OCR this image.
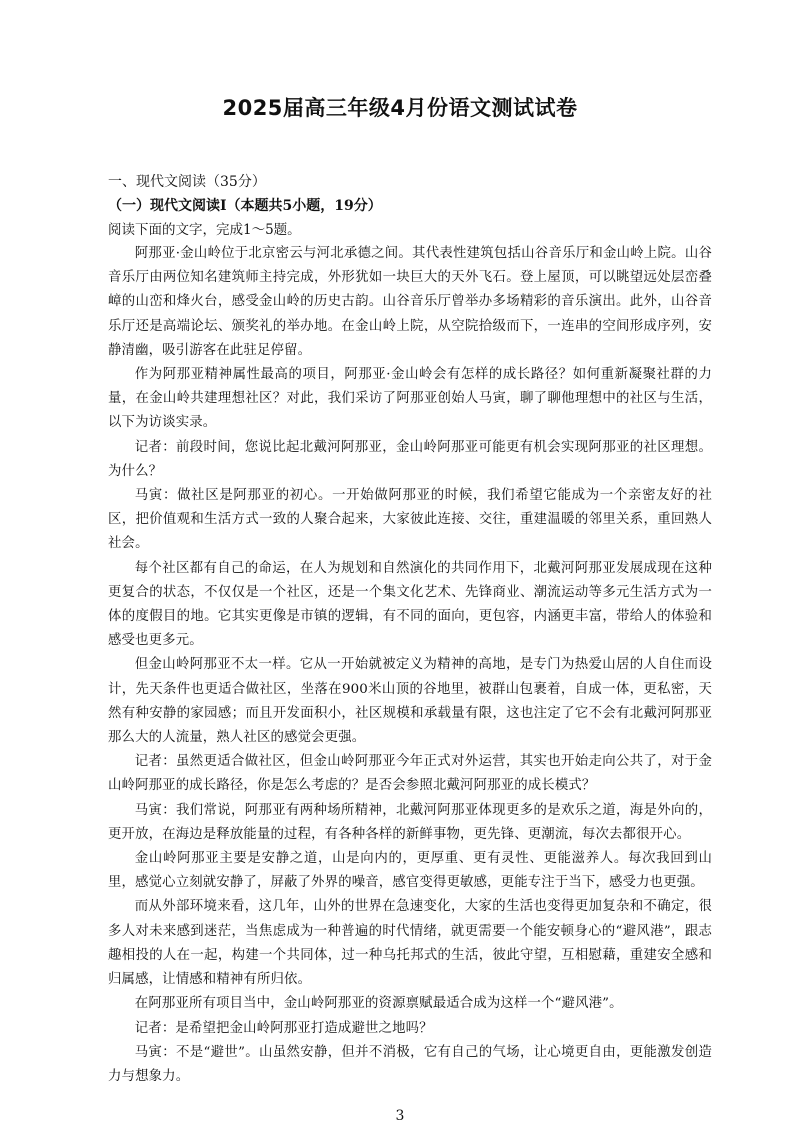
2025届高三年级4月份语文测试试卷

一、现代文阅读（35分）

（一）现代文阅读Ⅰ（本题共5小题，19分）

阅读下面的文字，完成1～5题。

阿那亚·金山岭位于北京密云与河北承德之间。其代表性建筑包括山谷音乐厅和金山岭上院。山谷音乐厅由两位知名建筑师主持完成，外形犹如一块巨大的天外飞石。登上屋顶，可以眺望远处层峦叠嶂的山峦和烽火台，感受金山岭的历史古韵。山谷音乐厅曾举办多场精彩的音乐演出。此外，山谷音乐厅还是高端论坛、颁奖礼的举办地。在金山岭上院，从空院拾级而下，一连串的空间形成序列，安静清幽，吸引游客在此驻足停留。

作为阿那亚精神属性最高的项目，阿那亚·金山岭会有怎样的成长路径？如何重新凝聚社群的力量，在金山岭共建理想社区？对此，我们采访了阿那亚创始人马寅，聊了聊他理想中的社区与生活，以下为访谈实录。

记者：前段时间，您说比起北戴河阿那亚，金山岭阿那亚可能更有机会实现阿那亚的社区理想。为什么？

马寅：做社区是阿那亚的初心。一开始做阿那亚的时候，我们希望它能成为一个亲密友好的社区，把价值观和生活方式一致的人聚合起来，大家彼此连接、交往，重建温暖的邻里关系，重回熟人社会。

每个社区都有自己的命运，在人为规划和自然演化的共同作用下，北戴河阿那亚发展成现在这种更复合的状态，不仅仅是一个社区，还是一个集文化艺术、先锋商业、潮流运动等多元生活方式为一体的度假目的地。它其实更像是市镇的逻辑，有不同的面向，更包容，内涵更丰富，带给人的体验和感受也更多元。

但金山岭阿那亚不太一样。它从一开始就被定义为精神的高地，是专门为热爱山居的人自住而设计，先天条件也更适合做社区，坐落在900米山顶的谷地里，被群山包裹着，自成一体，更私密，天然有种安静的家园感；而且开发面积小，社区规模和承载量有限，这也注定了它不会有北戴河阿那亚那么大的人流量，熟人社区的感觉会更强。

记者：虽然更适合做社区，但金山岭阿那亚今年正式对外运营，其实也开始走向公共了，对于金山岭阿那亚的成长路径，你是怎么考虑的？是否会参照北戴河阿那亚的成长模式？

马寅：我们常说，阿那亚有两种场所精神，北戴河阿那亚体现更多的是欢乐之道，海是外向的，更开放，在海边是释放能量的过程，有各种各样的新鲜事物，更先锋、更潮流，每次去都很开心。

金山岭阿那亚主要是安静之道，山是向内的，更厚重、更有灵性、更能滋养人。每次我回到山里，感觉心立刻就安静了，屏蔽了外界的噪音，感官变得更敏感，更能专注于当下，感受力也更强。

而从外部环境来看，这几年，山外的世界在急速变化，大家的生活也变得更加复杂和不确定，很多人对未来感到迷茫，当焦虑成为一种普遍的时代情绪，就更需要一个能安顿身心的“避风港”，跟志趣相投的人在一起，构建一个共同体，过一种乌托邦式的生活，彼此守望，互相慰藉，重建安全感和归属感，让情感和精神有所归依。

在阿那亚所有项目当中，金山岭阿那亚的资源禀赋最适合成为这样一个“避风港”。

记者：是希望把金山岭阿那亚打造成避世之地吗？

马寅：不是“避世”。山虽然安静，但并不消极，它有自己的气场，让心境更自由，更能激发创造力与想象力。

3
